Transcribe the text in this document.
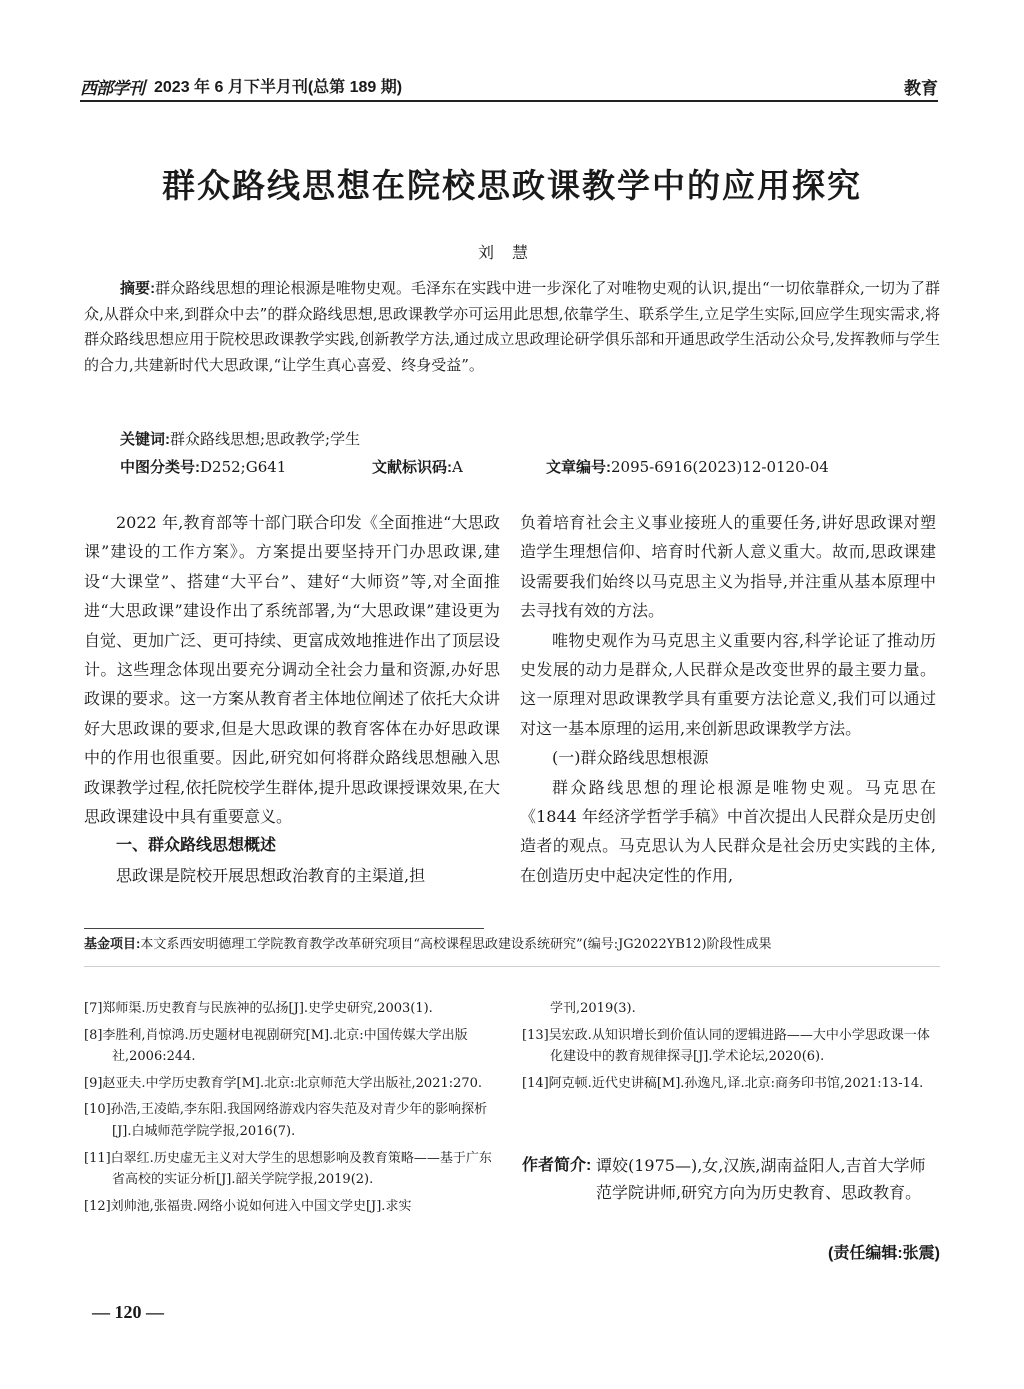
西部学刊 2023 年 6 月下半月刊(总第 189 期)	教育
群众路线思想在院校思政课教学中的应用探究
刘慧
摘要:群众路线思想的理论根源是唯物史观。毛泽东在实践中进一步深化了对唯物史观的认识,提出“一切依靠群众,一切为了群众,从群众中来,到群众中去”的群众路线思想,思政课教学亦可运用此思想,依靠学生、联系学生,立足学生实际,回应学生现实需求,将群众路线思想应用于院校思政课教学实践,创新教学方法,通过成立思政理论研学俱乐部和开通思政学生活动公众号,发挥教师与学生的合力,共建新时代大思政课,“让学生真心喜爱、终身受益”。
关键词:群众路线思想;思政教学;学生
中图分类号:D252;G641	文献标识码:A	文章编号:2095-6916(2023)12-0120-04

2022 年,教育部等十部门联合印发《全面推进“大思政课”建设的工作方案》。方案提出要坚持开门办思政课,建设“大课堂”、搭建“大平台”、建好“大师资”等,对全面推进“大思政课”建设作出了系统部署,为“大思政课”建设更为自觉、更加广泛、更可持续、更富成效地推进作出了顶层设计。这些理念体现出要充分调动全社会力量和资源,办好思政课的要求。这一方案从教育者主体地位阐述了依托大众讲好大思政课的要求,但是大思政课的教育客体在办好思政课中的作用也很重要。因此,研究如何将群众路线思想融入思政课教学过程,依托院校学生群体,提升思政课授课效果,在大思政课建设中具有重要意义。

一、群众路线思想概述

思政课是院校开展思想政治教育的主渠道,担

负着培育社会主义事业接班人的重要任务,讲好思政课对塑造学生理想信仰、培育时代新人意义重大。故而,思政课建设需要我们始终以马克思主义为指导,并注重从基本原理中去寻找有效的方法。

唯物史观作为马克思主义重要内容,科学论证了推动历史发展的动力是群众,人民群众是改变世界的最主要力量。这一原理对思政课教学具有重要方法论意义,我们可以通过对这一基本原理的运用,来创新思政课教学方法。

(一)群众路线思想根源

群众路线思想的理论根源是唯物史观。马克思在《1844 年经济学哲学手稿》中首次提出人民群众是历史创造者的观点。马克思认为人民群众是社会历史实践的主体,在创造历史中起决定性的作用,

基金项目:本文系西安明德理工学院教育教学改革研究项目“高校课程思政建设系统研究”(编号:JG2022YB12)阶段性成果
[7]郑师渠.历史教育与民族神的弘扬[J].史学史研究,2003(1).
[8]李胜利,肖惊鸿.历史题材电视剧研究[M].北京:中国传媒大学出版社,2006:244.
[9]赵亚夫.中学历史教育学[M].北京:北京师范大学出版社,2021:270.
[10]孙浩,王凌皓,李东阳.我国网络游戏内容失范及对青少年的影响探析[J].白城师范学院学报,2016(7).
[11]白翠红.历史虚无主义对大学生的思想影响及教育策略——基于广东省高校的实证分析[J].韶关学院学报,2019(2).
[12]刘帅池,张福贵.网络小说如何进入中国文学史[J].求实
学刊,2019(3).
[13]吴宏政.从知识增长到价值认同的逻辑进路——大中小学思政课一体化建设中的教育规律探寻[J].学术论坛,2020(6).
[14]阿克顿.近代史讲稿[M].孙逸凡,译.北京:商务印书馆,2021:13-14.
作者简介: 谭姣(1975—),女,汉族,湖南益阳人,吉首大学师范学院讲师,研究方向为历史教育、思政教育。
(责任编辑:张震)
— 120 —
